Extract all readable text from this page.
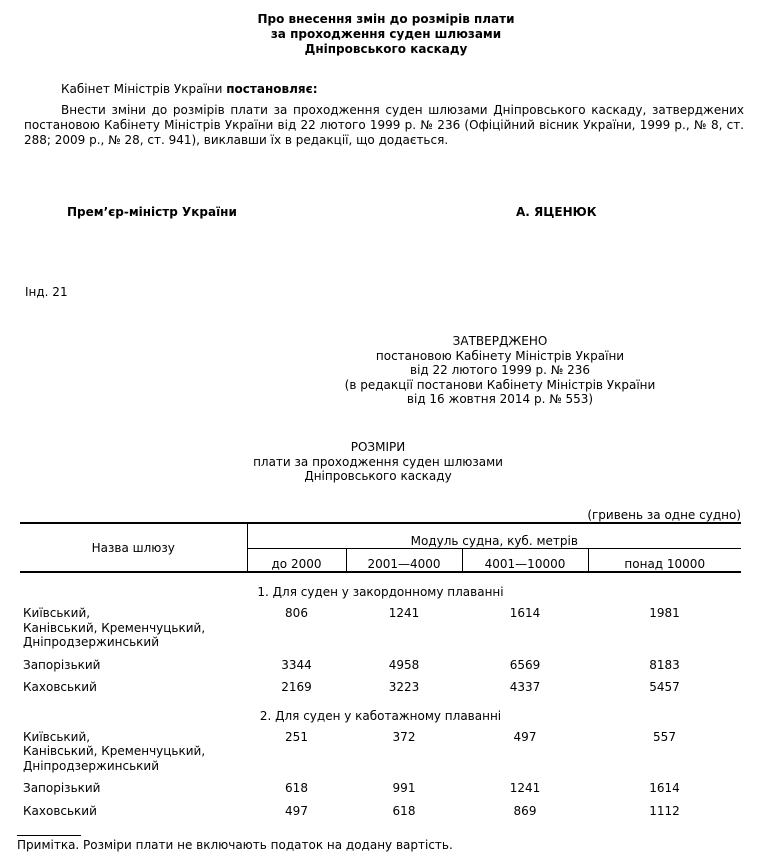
Про внесення змін до розмірів плати
за проходження суден шлюзами
Дніпровського каскаду
Кабінет Міністрів України постановляє:
Внести зміни до розмірів плати за проходження суден шлюзами Дніпровського каскаду, затверджених постановою Кабінету Міністрів України від 22 лютого 1999 р. № 236 (Офіційний вісник України, 1999 р., № 8, ст. 288; 2009 р., № 28, ст. 941), виклавши їх в редакції, що додається.
Прем’єр-міністр України	А. ЯЦЕНЮК
Інд. 21
ЗАТВЕРДЖЕНО
постановою Кабінету Міністрів України
від 22 лютого 1999 р. № 236
(в редакції постанови Кабінету Міністрів України
від 16 жовтня 2014 р. № 553)
РОЗМІРИ
плати за проходження суден шлюзами
Дніпровського каскаду
(гривень за одне судно)
Назва шлюзу	Модуль судна, куб. метрів			
	до 2000	2001—4000	4001—10000	понад 10000
1. Для суден у закордонному плаванні				

Київський,
Канівський, Кременчуцький,
Дніпродзержинський	806	1241	1614	1981
Запорізький	3344	4958	6569	8183
Каховський	2169	3223	4337	5457
2. Для суден у каботажному плаванні				

Київський,
Канівський, Кременчуцький,
Дніпродзержинський	251	372	497	557
Запорізький	618	991	1241	1614
Каховський	497	618	869	1112
Примітка. Розміри плати не включають податок на додану вартість.
